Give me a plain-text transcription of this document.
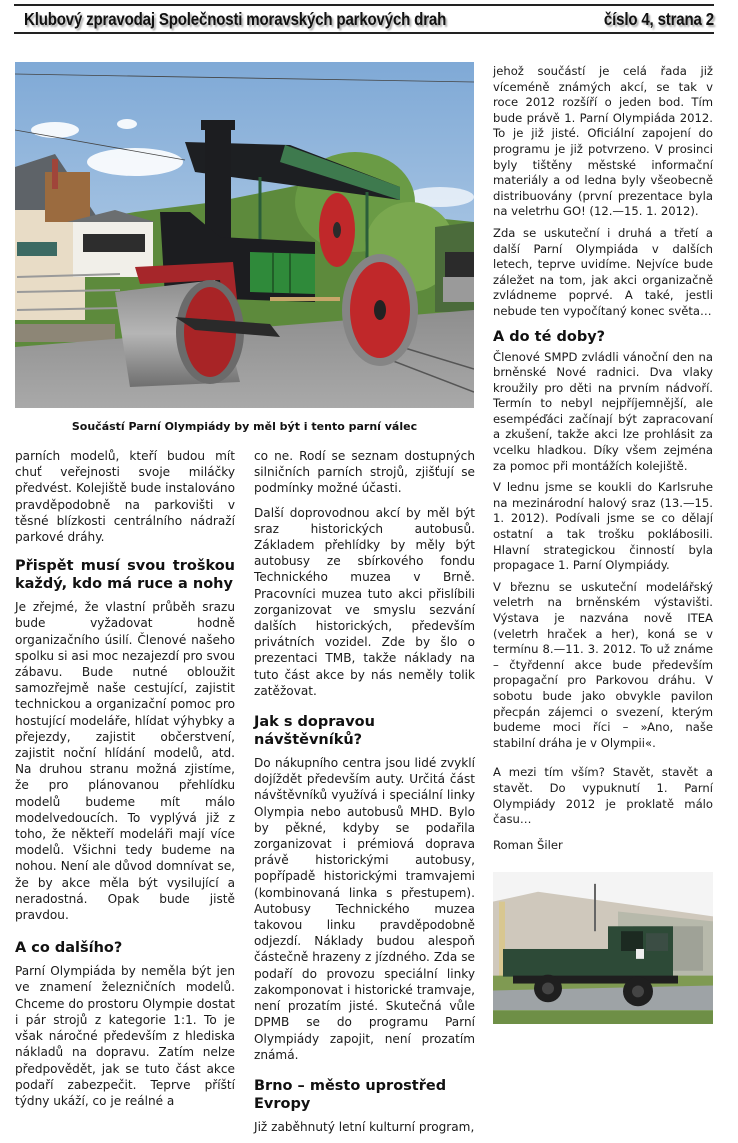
Klubový zpravodaj Společnosti moravských parkových drah	číslo 4, strana 2
Součástí Parní Olympiády by měl být i tento parní válec

parních modelů, kteří budou mít chuť veřejnosti svoje miláčky předvést. Kolejiště bude instalováno pravděpodobně na parkovišti v těsné blízkosti centrálního nádraží parkové dráhy.

Přispět musí svou troškou každý, kdo má ruce a nohy

Je zřejmé, že vlastní průběh srazu bude vyžadovat hodně organizačního úsilí. Členové našeho spolku si asi moc nezajezdí pro svou zábavu. Bude nutné obloužit samozřejmě naše cestující, zajistit technickou a organizační pomoc pro hostující modeláře, hlídat výhybky a přejezdy, zajistit občerstvení, zajistit noční hlídání modelů, atd. Na druhou stranu možná zjistíme, že pro plánovanou přehlídku modelů budeme mít málo modelvedoucích. To vyplývá již z toho, že někteří modeláři mají více modelů. Všichni tedy budeme na nohou. Není ale důvod domnívat se, že by akce měla být vysilující a neradostná. Opak bude jistě pravdou.

A co dalšího?

Parní Olympiáda by neměla být jen ve znamení železničních modelů. Chceme do prostoru Olympie dostat i pár strojů z kategorie 1:1. To je však náročné především z hlediska nákladů na dopravu. Zatím nelze předpovědět, jak se tuto část akce podaří zabezpečit. Teprve příští týdny ukáží, co je reálné a

co ne. Rodí se seznam dostupných silničních parních strojů, zjišťují se podmínky možné účasti.

Další doprovodnou akcí by měl být sraz historických autobusů. Základem přehlídky by měly být autobusy ze sbírkového fondu Technického muzea v Brně. Pracovníci muzea tuto akci přislíbili zorganizovat ve smyslu sezvání dalších historických, především privátních vozidel. Zde by šlo o prezentaci TMB, takže náklady na tuto část akce by nás neměly tolik zatěžovat.

Jak s dopravou návštěvníků?

Do nákupního centra jsou lidé zvyklí dojíždět především auty. Určitá část návštěvníků využívá i speciální linky Olympia nebo autobusů MHD. Bylo by pěkné, kdyby se podařila zorganizovat i prémiová doprava právě historickými autobusy, popřípadě historickými tramvajemi (kombinovaná linka s přestupem). Autobusy Technického muzea takovou linku pravděpodobně odjezdí. Náklady budou alespoň částečně hrazeny z jízdného. Zda se podaří do provozu speciální linky zakomponovat i historické tramvaje, není prozatím jisté. Skutečná vůle DPMB se do programu Parní Olympiády zapojit, není prozatím známá.

Brno – město uprostřed Evropy

Již zaběhnutý letní kulturní program,

jehož součástí je celá řada již víceméně známých akcí, se tak v roce 2012 rozšíří o jeden bod. Tím bude právě 1. Parní Olympiáda 2012. To je již jisté. Oficiální zapojení do programu je již potvrzeno. V prosinci byly tištěny městské informační materiály a od ledna byly všeobecně distribuovány (první prezentace byla na veletrhu GO! (12.—15. 1. 2012).

Zda se uskuteční i druhá a třetí a další Parní Olympiáda v dalších letech, teprve uvidíme. Nejvíce bude záležet na tom, jak akci organizačně zvládneme poprvé. A také, jestli nebude ten vypočítaný konec světa…

A do té doby?

Členové SMPD zvládli vánoční den na brněnské Nové radnici. Dva vlaky kroužily pro děti na prvním nádvoří. Termín to nebyl nejpříjemnější, ale esempéďáci začínají být zapracovaní a zkušení, takže akci lze prohlásit za vcelku hladkou. Díky všem zejména za pomoc při montážích kolejiště.

V lednu jsme se koukli do Karlsruhe na mezinárodní halový sraz (13.—15. 1. 2012). Podívali jsme se co dělají ostatní a tak trošku poklábosili. Hlavní strategickou činností byla propagace 1. Parní Olympiády.

V březnu se uskuteční modelářský veletrh na brněnském výstavišti. Výstava je nazvána nově ITEA (veletrh hraček a her), koná se v termínu 8.—11. 3. 2012. To už známe – čtyřdenní akce bude především propagační pro Parkovou dráhu. V sobotu bude jako obvykle pavilon přecpán zájemci o svezení, kterým budeme moci říci – »Ano, naše stabilní dráha je v Olympii«.

A mezi tím vším? Stavět, stavět a stavět. Do vypuknutí 1. Parní Olympiády 2012 je proklatě málo času…

Roman Šiler
